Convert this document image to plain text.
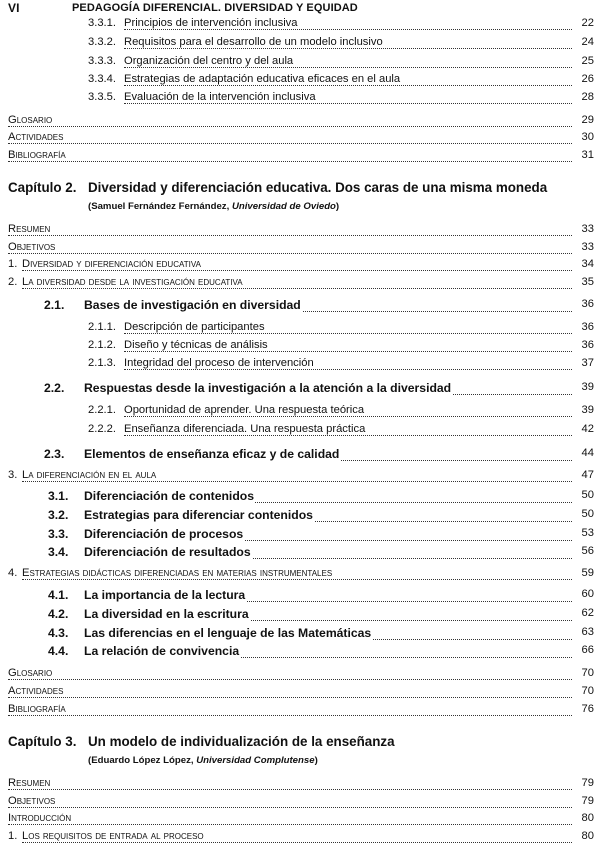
VI	PEDAGOGÍA DIFERENCIAL. DIVERSIDAD Y EQUIDAD
3.3.1. Principios de intervención inclusiva	22
3.3.2. Requisitos para el desarrollo de un modelo inclusivo	24
3.3.3. Organización del centro y del aula	25
3.3.4. Estrategias de adaptación educativa eficaces en el aula	26
3.3.5. Evaluación de la intervención inclusiva	28
Glosario	29
Actividades	30
Bibliografía	31
Capítulo 2. Diversidad y diferenciación educativa. Dos caras de una misma moneda
(Samuel Fernández Fernández, Universidad de Oviedo)
Resumen	33
Objetivos	33
1. Diversidad y diferenciación educativa	34
2. La diversidad desde la investigación educativa	35
2.1. Bases de investigación en diversidad	36
2.1.1. Descripción de participantes	36
2.1.2. Diseño y técnicas de análisis	36
2.1.3. Integridad del proceso de intervención	37
2.2. Respuestas desde la investigación a la atención a la diversidad	39
2.2.1. Oportunidad de aprender. Una respuesta teórica	39
2.2.2. Enseñanza diferenciada. Una respuesta práctica	42
2.3. Elementos de enseñanza eficaz y de calidad	44
3. La diferenciación en el aula	47
3.1. Diferenciación de contenidos	50
3.2. Estrategias para diferenciar contenidos	50
3.3. Diferenciación de procesos	53
3.4. Diferenciación de resultados	56
4. Estrategias didácticas diferenciadas en materias instrumentales	59
4.1. La importancia de la lectura	60
4.2. La diversidad en la escritura	62
4.3. Las diferencias en el lenguaje de las Matemáticas	63
4.4. La relación de convivencia	66
Glosario	70
Actividades	70
Bibliografía	76
Capítulo 3. Un modelo de individualización de la enseñanza
(Eduardo López López, Universidad Complutense)
Resumen	79
Objetivos	79
Introducción	80
1. Los requisitos de entrada al proceso	80
